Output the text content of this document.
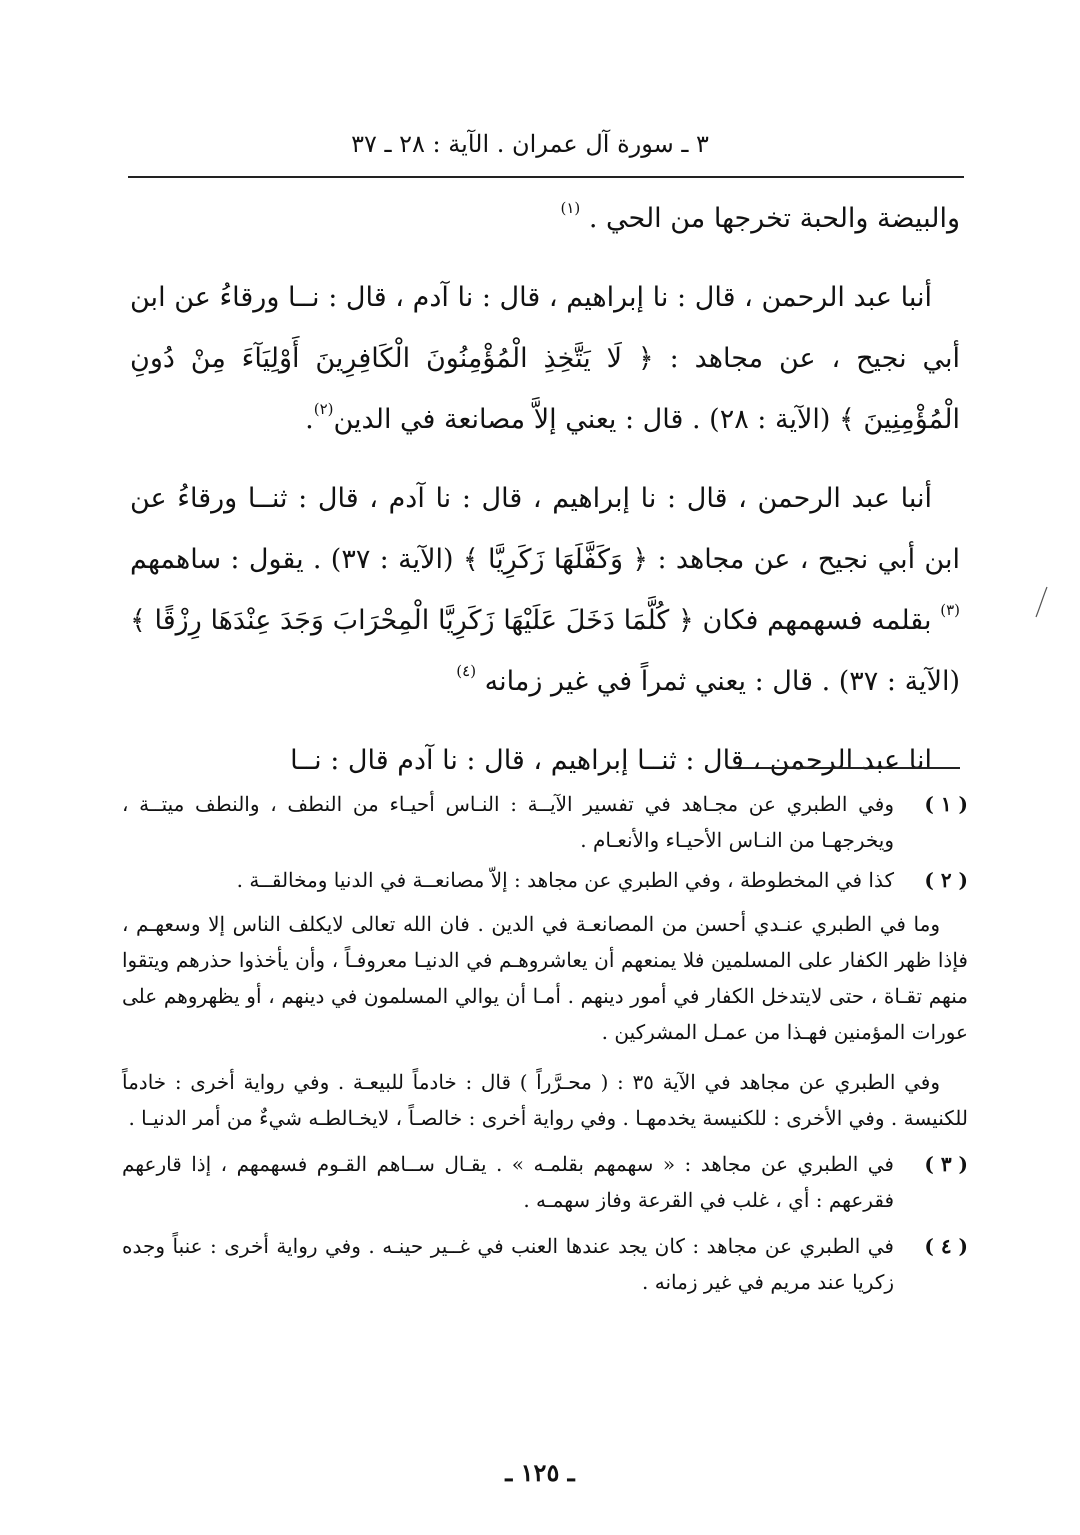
٣ ـ سورة آل عمران . الآية : ٢٨ ـ ٣٧

والبيضة والحبة تخرجها من الحي . $^{(١)}$

أنبا عبد الرحمن ، قال : نا إبراهيم ، قال : نا آدم ، قال : نــا ورقاءُ عن ابن أبي نجيح ، عن مجاهد : ﴿ لَا يَتَّخِذِ الْمُؤْمِنُونَ الْكَافِرِينَ أَوْلِيَآءَ مِنْ دُونِ الْمُؤْمِنِينَ ﴾ (الآية : ٢٨) . قال : يعني إلاَّ مصانعة في الدين$^{(٢)}$.

أنبا عبد الرحمن ، قال : نا إبراهيم ، قال : نا آدم ، قال : ثنــا ورقاءُ عن ابن أبي نجيح ، عن مجاهد : ﴿ وَكَفَّلَهَا زَكَرِيَّا ﴾ (الآية : ٣٧) . يقول : ساهمهم $^{(٣)}$ بقلمه فسهمهم فكان ﴿ كُلَّمَا دَخَلَ عَلَيْهَا زَكَرِيَّا الْمِحْرَابَ وَجَدَ عِنْدَهَا رِزْقًا ﴾ (الآية : ٣٧) . قال : يعني ثمراً في غير زمانه $^{(٤)}$

انا عبد الرحمن ، قال : ثنــا إبراهيم ، قال : نا آدم قال : نــا

( ١ )

وفي الطبري عن مجـاهد في تفسير الآيــة : النـاس أحيـاء من النطف ، والنطف ميتــة ، ويخرجهـا من النـاس الأحيـاء والأنعـام .

( ٢ )

كذا في المخطوطة ، وفي الطبري عن مجاهد : إلاّ مصانعــة في الدنيا ومخالقــة .

وما في الطبري عنـدي أحسن من المصانعـة في الدين . فان الله تعالى لايكلف الناس إلا وسعهـم ، فإذا ظهر الكفار على المسلمين فلا يمنعهم أن يعاشروهـم في الدنيـا معروفـاً ، وأن يأخذوا حذرهم ويتقوا منهم تقـاة ، حتى لايتدخل الكفار في أمور دينهم . أمـا أن يوالي المسلمون في دينهم ، أو يظهروهم على عورات المؤمنين فهـذا من عمـل المشركين .

وفي الطبري عن مجاهد في الآية ٣٥ : ( محـرَّراً ) قال : خادماً للبيعـة . وفي رواية أخرى : خادماً للكنيسة . وفي الأخرى : للكنيسة يخدمهـا . وفي رواية أخرى : خالصـاً ، لايخـالطـه شيءٌ من أمر الدنيـا .

( ٣ )

في الطبري عن مجاهد : « سهمهم بقلمـه » . يقـال ســاهم القـوم فسهمهم ، إذا قارعهم فقرعهم : أي ، غلب في القرعة وفاز سهمـه .

( ٤ )

في الطبري عن مجاهد : كان يجد عندها العنب في غــير حينـه . وفي رواية أخرى : عنباً وجده زكريا عند مريم في غير زمانه .

ـ ١٢٥ ـ
